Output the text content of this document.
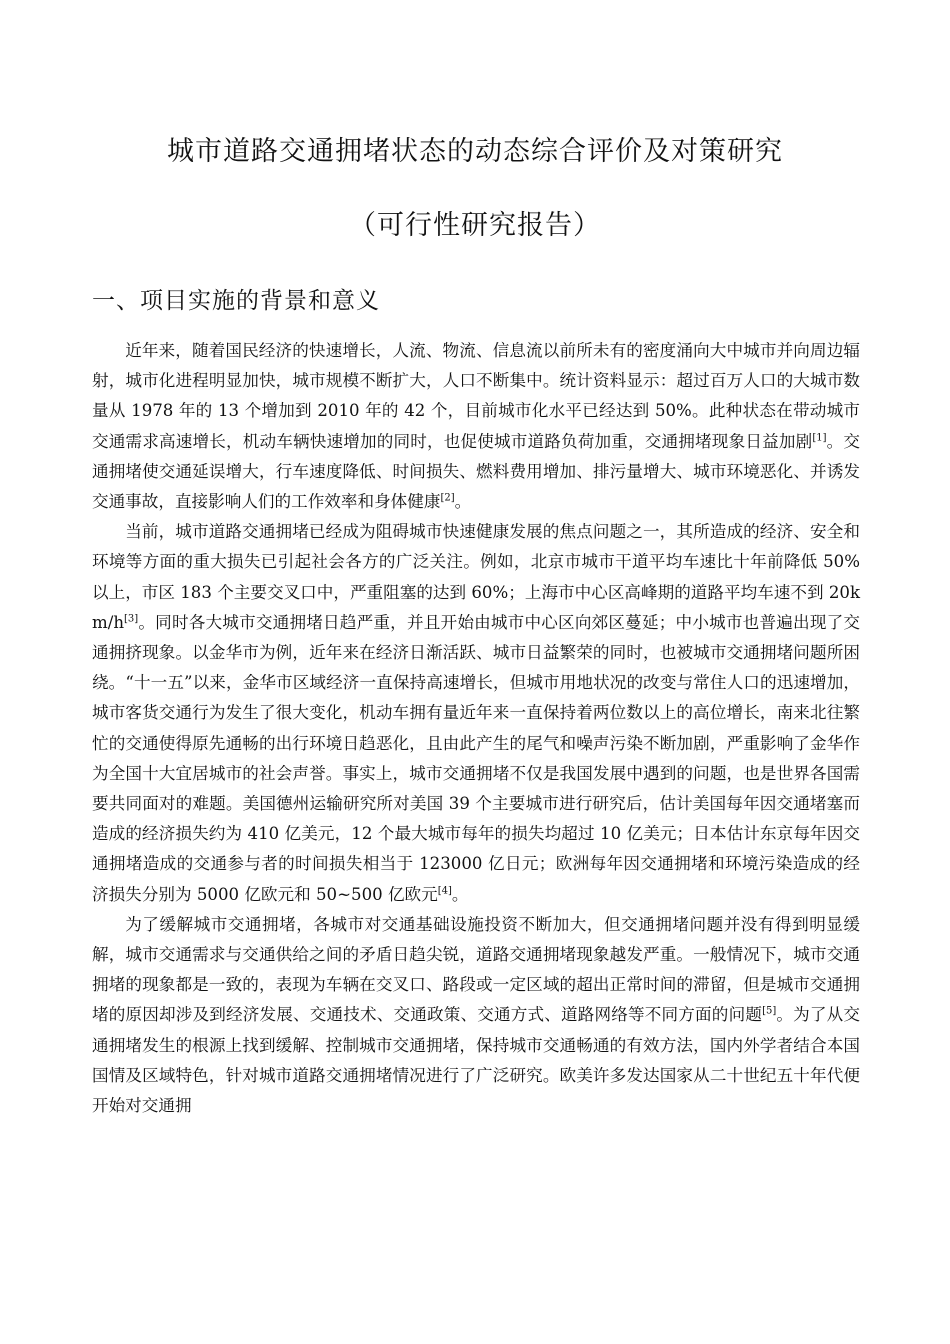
城市道路交通拥堵状态的动态综合评价及对策研究
（可行性研究报告）
一、项目实施的背景和意义

近年来，随着国民经济的快速增长，人流、物流、信息流以前所未有的密度涌向大中城市并向周边辐射，城市化进程明显加快，城市规模不断扩大，人口不断集中。统计资料显示：超过百万人口的大城市数量从 1978 年的 13 个增加到 2010 年的 42 个，目前城市化水平已经达到 50%。此种状态在带动城市交通需求高速增长，机动车辆快速增加的同时，也促使城市道路负荷加重，交通拥堵现象日益加剧[1]。交通拥堵使交通延误增大，行车速度降低、时间损失、燃料费用增加、排污量增大、城市环境恶化、并诱发交通事故，直接影响人们的工作效率和身体健康[2]。

当前，城市道路交通拥堵已经成为阻碍城市快速健康发展的焦点问题之一，其所造成的经济、安全和环境等方面的重大损失已引起社会各方的广泛关注。例如，北京市城市干道平均车速比十年前降低 50%以上，市区 183 个主要交叉口中，严重阻塞的达到 60%；上海市中心区高峰期的道路平均车速不到 20km/h[3]。同时各大城市交通拥堵日趋严重，并且开始由城市中心区向郊区蔓延；中小城市也普遍出现了交通拥挤现象。以金华市为例，近年来在经济日渐活跃、城市日益繁荣的同时，也被城市交通拥堵问题所困绕。“十一五”以来，金华市区域经济一直保持高速增长，但城市用地状况的改变与常住人口的迅速增加，城市客货交通行为发生了很大变化，机动车拥有量近年来一直保持着两位数以上的高位增长，南来北往繁忙的交通使得原先通畅的出行环境日趋恶化，且由此产生的尾气和噪声污染不断加剧，严重影响了金华作为全国十大宜居城市的社会声誉。事实上，城市交通拥堵不仅是我国发展中遇到的问题，也是世界各国需要共同面对的难题。美国德州运输研究所对美国 39 个主要城市进行研究后，估计美国每年因交通堵塞而造成的经济损失约为 410 亿美元，12 个最大城市每年的损失均超过 10 亿美元；日本估计东京每年因交通拥堵造成的交通参与者的时间损失相当于 123000 亿日元；欧洲每年因交通拥堵和环境污染造成的经济损失分别为 5000 亿欧元和 50~500 亿欧元[4]。

为了缓解城市交通拥堵，各城市对交通基础设施投资不断加大，但交通拥堵问题并没有得到明显缓解，城市交通需求与交通供给之间的矛盾日趋尖锐，道路交通拥堵现象越发严重。一般情况下，城市交通拥堵的现象都是一致的，表现为车辆在交叉口、路段或一定区域的超出正常时间的滞留，但是城市交通拥堵的原因却涉及到经济发展、交通技术、交通政策、交通方式、道路网络等不同方面的问题[5]。为了从交通拥堵发生的根源上找到缓解、控制城市交通拥堵，保持城市交通畅通的有效方法，国内外学者结合本国国情及区域特色，针对城市道路交通拥堵情况进行了广泛研究。欧美许多发达国家从二十世纪五十年代便开始对交通拥
